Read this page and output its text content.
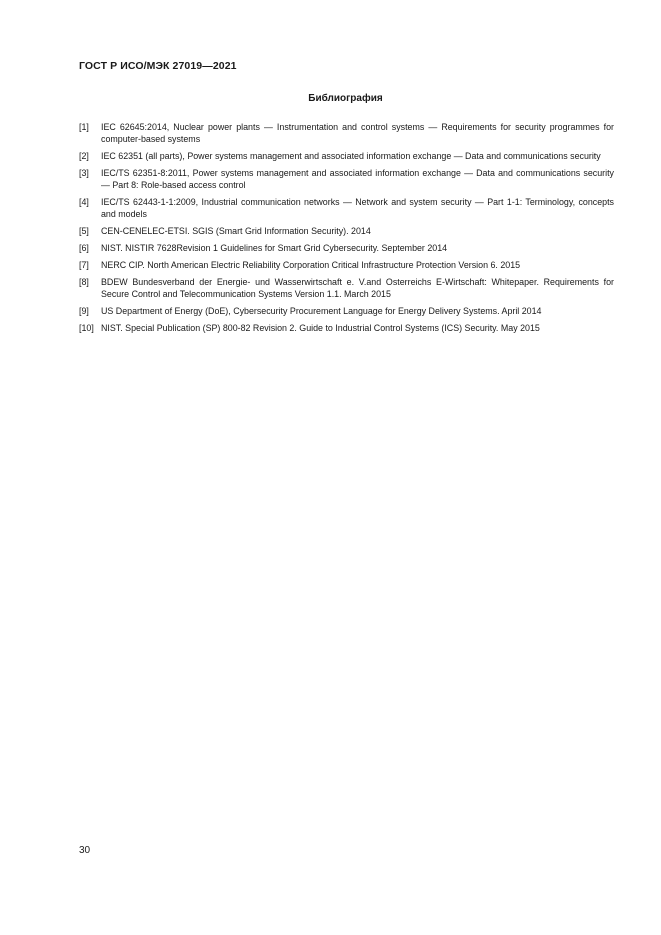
ГОСТ Р ИСО/МЭК 27019—2021
Библиография
[1]	IEC 62645:2014, Nuclear power plants — Instrumentation and control systems — Requirements for security programmes for computer-based systems
[2]	IEC 62351 (all parts), Power systems management and associated information exchange — Data and communications security
[3]	IEC/TS 62351-8:2011, Power systems management and associated information exchange — Data and communications security — Part 8: Role-based access control
[4]	IEC/TS 62443-1-1:2009, Industrial communication networks — Network and system security — Part 1-1: Terminology, concepts and models
[5]	CEN-CENELEC-ETSI. SGIS (Smart Grid Information Security). 2014
[6]	NIST. NISTIR 7628Revision 1 Guidelines for Smart Grid Cybersecurity. September 2014
[7]	NERC CIP. North American Electric Reliability Corporation Critical Infrastructure Protection Version 6. 2015
[8]	BDEW Bundesverband der Energie- und Wasserwirtschaft e. V.and Osterreichs E-Wirtschaft: Whitepaper. Requirements for Secure Control and Telecommunication Systems Version 1.1. March 2015
[9]	US Department of Energy (DoE), Cybersecurity Procurement Language for Energy Delivery Systems. April 2014
[10] NIST. Special Publication (SP) 800-82 Revision 2. Guide to Industrial Control Systems (ICS) Security. May 2015
30
